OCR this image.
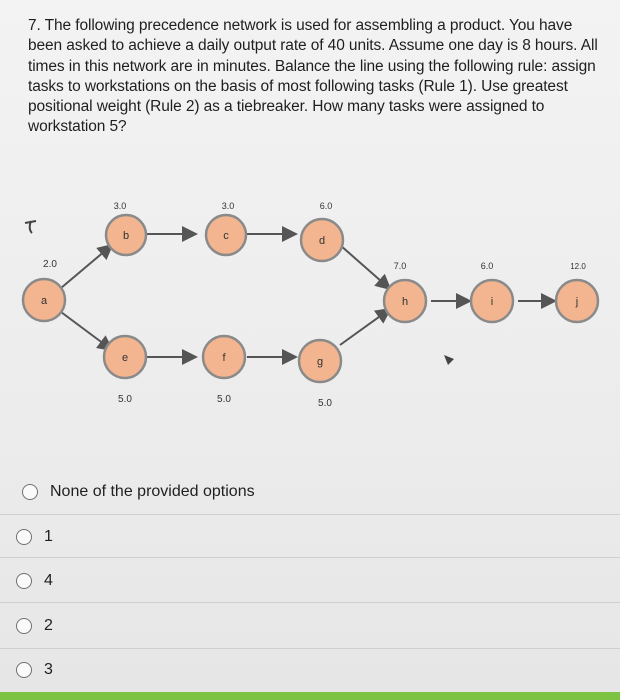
7. The following precedence network is used for assembling a product. You have been asked to achieve a daily output rate of 40 units. Assume one day is 8 hours. All times in this network are in minutes. Balance the line using the following rule: assign tasks to workstations on the basis of most following tasks (Rule 1). Use greatest positional weight (Rule 2) as a tiebreaker. How many tasks were assigned to workstation 5?
a
2.0
b
3.0
c
3.0
d
6.0
e
5.0
f
5.0
g
5.0
h
7.0
i
6.0
j
12.0
None of the provided options
1
4
2
3
